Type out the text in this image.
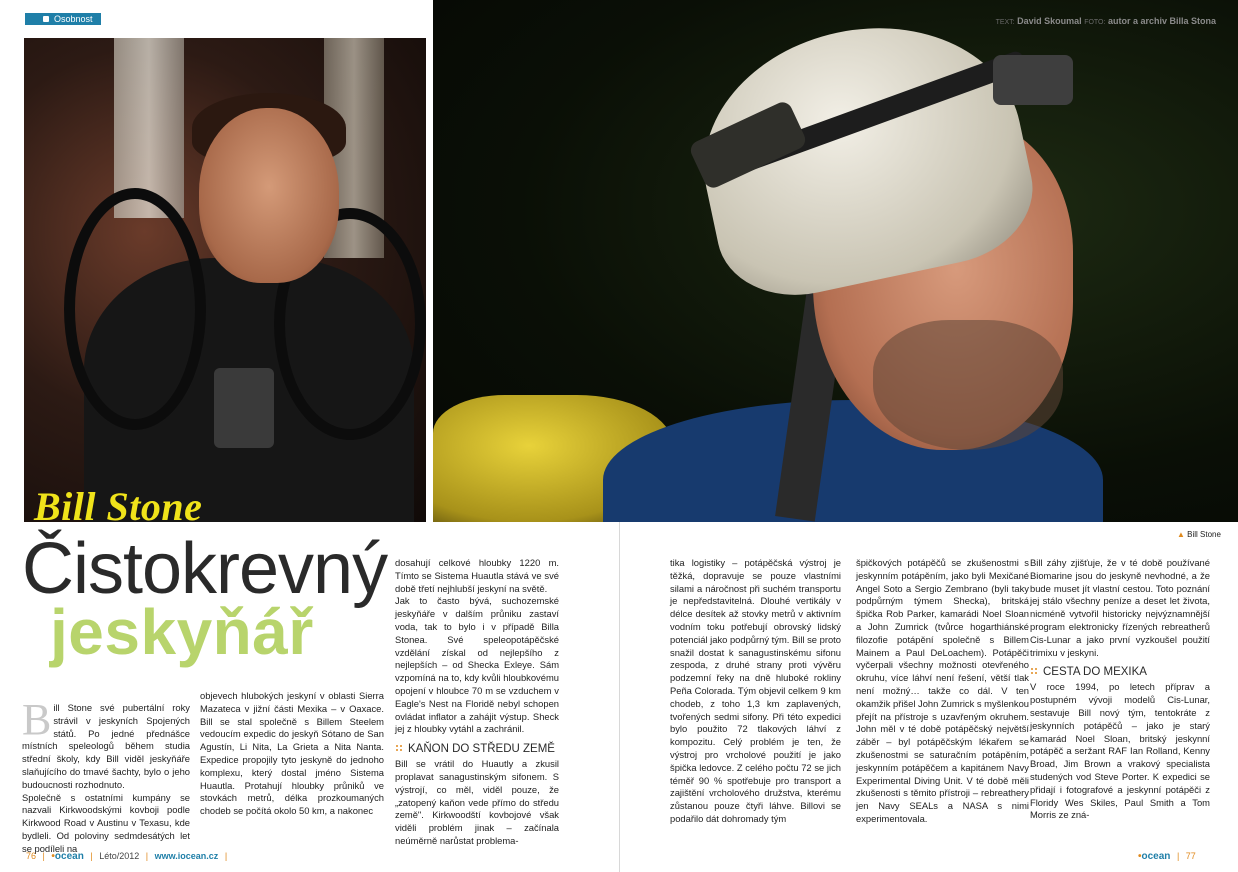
Osobnost
Bill Stone
Čistokrevný
jeskyňář
B ill Stone své pubertální roky strávil v jeskyních Spojených států. Po jedné přednášce místních speleologů během studia střední školy, kdy Bill viděl jeskyňáře slaňujícího do tmavé šachty, bylo o jeho budoucnosti rozhodnuto.

Společně s ostatními kumpány se nazvali Kirkwoodskými kovboji podle Kirkwood Road v Austinu v Texasu, kde bydleli. Od poloviny sedmdesátých let se podíleli na

objevech hlubokých jeskyní v oblasti Sierra Mazateca v jižní části Mexika – v Oaxace. Bill se stal společně s Billem Steelem vedoucím expedic do jeskyň Sótano de San Agustín, Li Nita, La Grieta a Nita Nanta. Expedice propojily tyto jeskyně do jednoho komplexu, který dostal jméno Sistema Huautla. Protahují hloubky průniků ve stovkách metrů, délka prozkoumaných chodeb se počítá okolo 50 km, a nakonec

dosahují celkové hloubky 1220 m. Tímto se Sistema Huautla stává ve své době třetí nejhlubší jeskyní na světě.

Jak to často bývá, suchozemské jeskyňáře v dalším průniku zastaví voda, tak to bylo i v případě Billa Stonea. Své speleopotápěčské vzdělání získal od nejlepšího z nejlepších – od Shecka Exleye. Sám vzpomíná na to, kdy kvůli hloubkovému opojení v hloubce 70 m se vzduchem v Eagle's Nest na Floridě nebyl schopen ovládat inflator a zahájit výstup. Sheck jej z hloubky vytáhl a zachránil.

KAŇON DO STŘEDU ZEMĚ

Bill se vrátil do Huautly a zkusil proplavat sanagustinským sifonem. S výstrojí, co měl, viděl pouze, že „zatopený kaňon vede přímo do středu země". Kirkwoodští kovbojové však viděli problém jinak – začínala neúměrně narůstat problema-

76 | •ocean | Léto/2012 | www.iocean.cz |
TEXT: David Skoumal FOTO: autor a archiv Billa Stona
▲ Bill Stone

tika logistiky – potápěčská výstroj je těžká, dopravuje se pouze vlastními silami a náročnost při suchém transportu je nepředstavitelná. Dlouhé vertikály v délce desítek až stovky metrů v aktivním vodním toku potřebují obrovský lidský potenciál jako podpůrný tým. Bill se proto snažil dostat k sanagustinskému sifonu zespoda, z druhé strany proti vývěru podzemní řeky na dně hluboké rokliny Peña Colorada. Tým objevil celkem 9 km chodeb, z toho 1,3 km zaplavených, tvořených sedmi sifony. Při této expedici bylo použito 72 tlakových láhví z kompozitu. Celý problém je ten, že výstroj pro vrcholové použití je jako špička ledovce. Z celého počtu 72 se jich téměř 90 % spotřebuje pro transport a zajištění vrcholového družstva, kterému zůstanou pouze čtyři láhve. Billovi se podařilo dát dohromady tým

špičkových potápěčů se zkušenostmi s jeskynním potápěním, jako byli Mexičané Angel Soto a Sergio Zembrano (byli taky podpůrným týmem Shecka), britská špička Rob Parker, kamarádi Noel Sloan a John Zumrick (tvůrce hogarthiánské filozofie potápění společně s Billem Mainem a Paul DeLoachem). Potápěči vyčerpali všechny možnosti otevřeného okruhu, více láhví není řešení, větší tlak není možný… takže co dál. V ten okamžik přišel John Zumrick s myšlenkou přejít na přístroje s uzavřeným okruhem. John měl v té době potápěčský největší záběr – byl potápěčským lékařem se zkušenostmi se saturačním potápěním, jeskynním potápěčem a kapitánem Navy Experimental Diving Unit. V té době měli zkušenosti s těmito přístroji – rebreathery jen Navy SEALs a NASA s nimi experimentovala.

Bill záhy zjišťuje, že v té době používané Biomarine jsou do jeskyně nevhodné, a že bude muset jít vlastní cestou. Toto poznání jej stálo všechny peníze a deset let života, nicméně vytvořil historicky nejvýznamnější program elektronicky řízených rebreatherů Cis-Lunar a jako první vyzkoušel použití trimixu v jeskyni.

CESTA DO MEXIKA

V roce 1994, po letech příprav a postupném vývoji modelů Cis-Lunar, sestavuje Bill nový tým, tentokráte z jeskynních potápěčů – jako je starý kamarád Noel Sloan, britský jeskynní potápěč a seržant RAF Ian Rolland, Kenny Broad, Jim Brown a vrakový specialista studených vod Steve Porter. K expedici se přidají i fotografové a jeskynní potápěči z Floridy Wes Skiles, Paul Smith a Tom Morris ze zná-

•ocean | 77
